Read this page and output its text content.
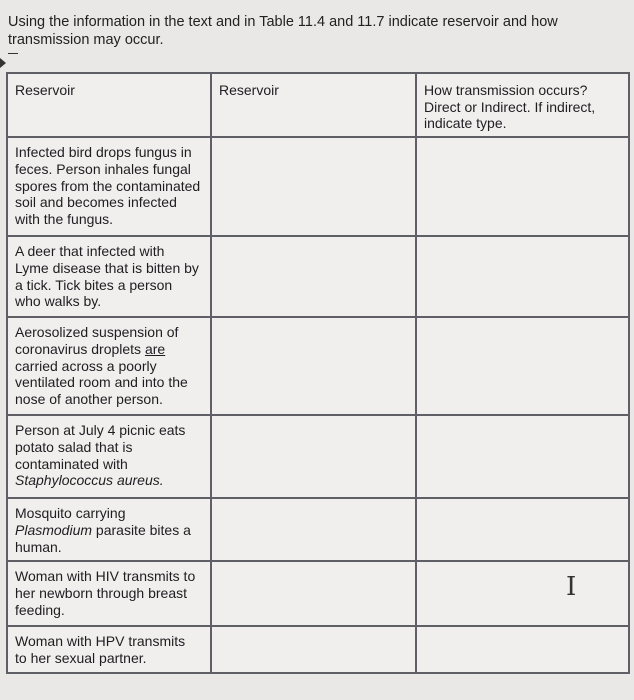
Using the information in the text and in Table 11.4 and 11.7 indicate reservoir and how
transmission may occur.
Reservoir	Reservoir	How transmission occurs?
Direct or Indirect. If indirect,
indicate type.

Infected bird drops fungus in
feces. Person inhales fungal
spores from the contaminated
soil and becomes infected
with the fungus.		

A deer that infected with
Lyme disease that is bitten by
a tick. Tick bites a person
who walks by.		

Aerosolized suspension of
coronavirus droplets are
carried across a poorly
ventilated room and into the
nose of another person.		

Person at July 4 picnic eats
potato salad that is
contaminated with
Staphylococcus aureus.		

Mosquito carrying
Plasmodium parasite bites a
human.		

Woman with HIV transmits to
her newborn through breast
feeding.		

Woman with HPV transmits
to her sexual partner.		

I
